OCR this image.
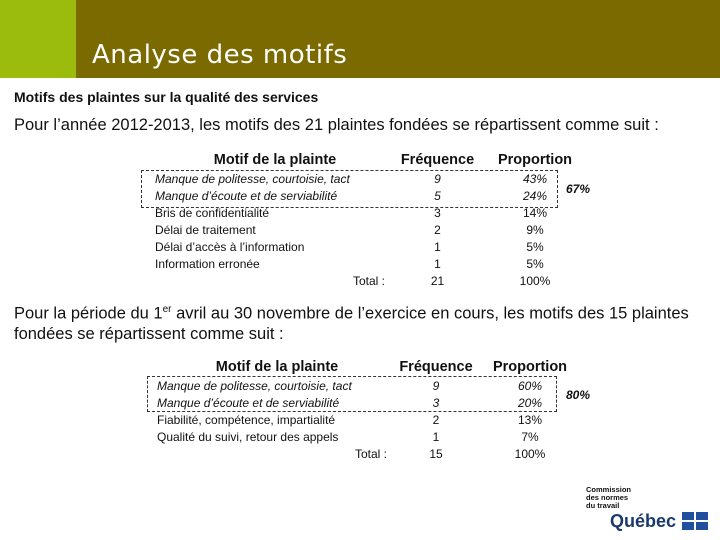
Analyse des motifs
Motifs des plaintes sur la qualité des services
Pour l’année 2012-2013, les motifs des 21 plaintes fondées se répartissent comme suit :
Motif de la plainte	Fréquence	Proportion
Manque de politesse, courtoisie, tact	9	43%
Manque d’écoute et de serviabilité	5	24%
Bris de confidentialité	3	14%
Délai de traitement	2	9%
Délai d’accès à l’information	1	5%
Information erronée	1	5%
Total :	21	100%
67%
Pour la période du 1er avril au 30 novembre de l’exercice en cours, les motifs des 15 plaintes fondées se répartissent comme suit :
Motif de la plainte	Fréquence	Proportion
Manque de politesse, courtoisie, tact	9	60%
Manque d’écoute et de serviabilité	3	20%
Fiabilité, compétence, impartialité	2	13%
Qualité du suivi, retour des appels	1	7%
Total :	15	100%
80%
Commission
des normes
du travail
Québec
